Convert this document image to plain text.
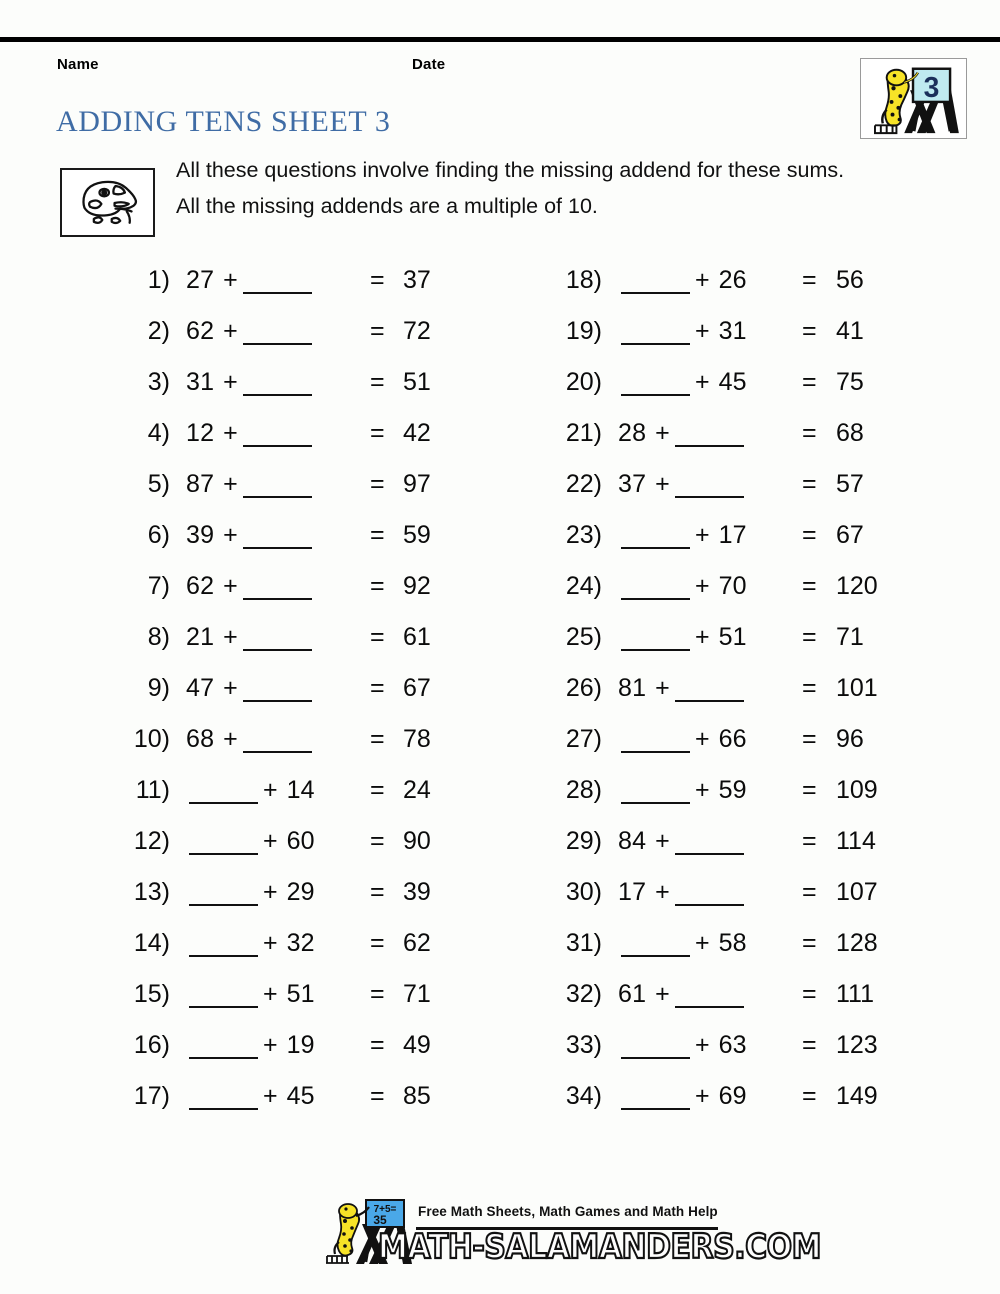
Name	Date
3
ADDING TENS SHEET 3
All these questions involve finding the missing addend for these sums.
All the missing addends are a multiple of 10.
1) 27 +	= 37
2) 62 +	= 72
3) 31 +	= 51
4) 12 +	= 42
5) 87 +	= 97
6) 39 +	= 59
7) 62 +	= 92
8) 21 +	= 61
9) 47 +	= 67
10) 68 +	= 78
11)	+ 14	= 24
12)	+ 60	= 90
13)	+ 29	= 39
14)	+ 32	= 62
15)	+ 51	= 71
16)	+ 19	= 49
17)	+ 45	= 85
18)	+ 26	= 56
19)	+ 31	= 41
20)	+ 45	= 75
21) 28 +	= 68
22) 37 +	= 57
23)	+ 17	= 67
24)	+ 70	= 120
25)	+ 51	= 71
26) 81 +	= 101
27)	+ 66	= 96
28)	+ 59	= 109
29) 84 +	= 114
30) 17 +	= 107
31)	+ 58	= 128
32) 61 +	= 111
33)	+ 63	= 123
34)	+ 69	= 149
7+5=
35
Free Math Sheets, Math Games and Math Help
MATH-SALAMANDERS.COM
